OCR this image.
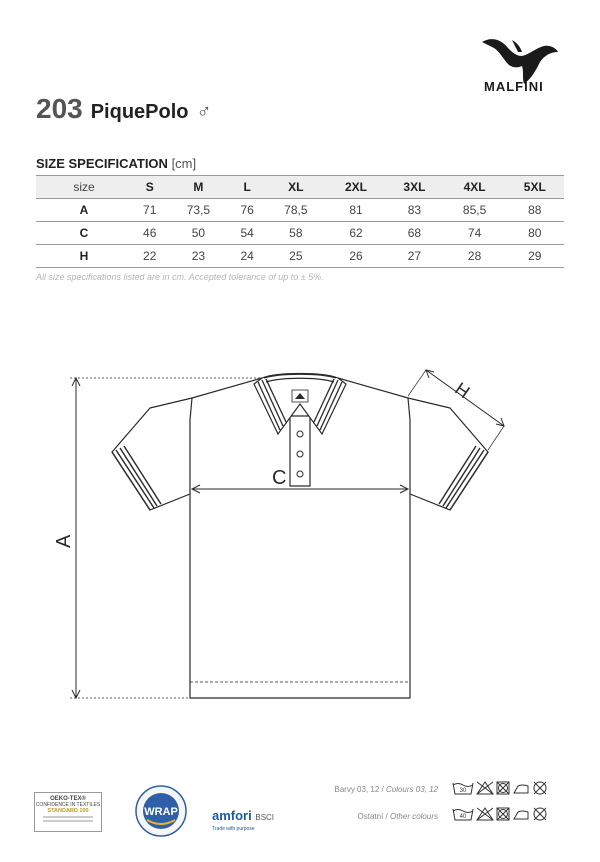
MALFINI
203 PiquePolo ♂
SIZE SPECIFICATION [cm]
size	S	M	L	XL	2XL	3XL	4XL	5XL
A	71	73,5	76	78,5	81	83	85,5	88
C	46	50	54	58	62	68	74	80
H	22	23	24	25	26	27	28	29
All size specifications listed are in cm. Accepted tolerance of up to ± 5%.
A
C
H
OEKO-TEX®
CONFIDENCE IN TEXTILES
STANDARD 100	WRAP	amfori BSCI
Trade with purpose
Barvy 03, 12 / Colours 03, 12
Ostatní / Other colours
30
40
